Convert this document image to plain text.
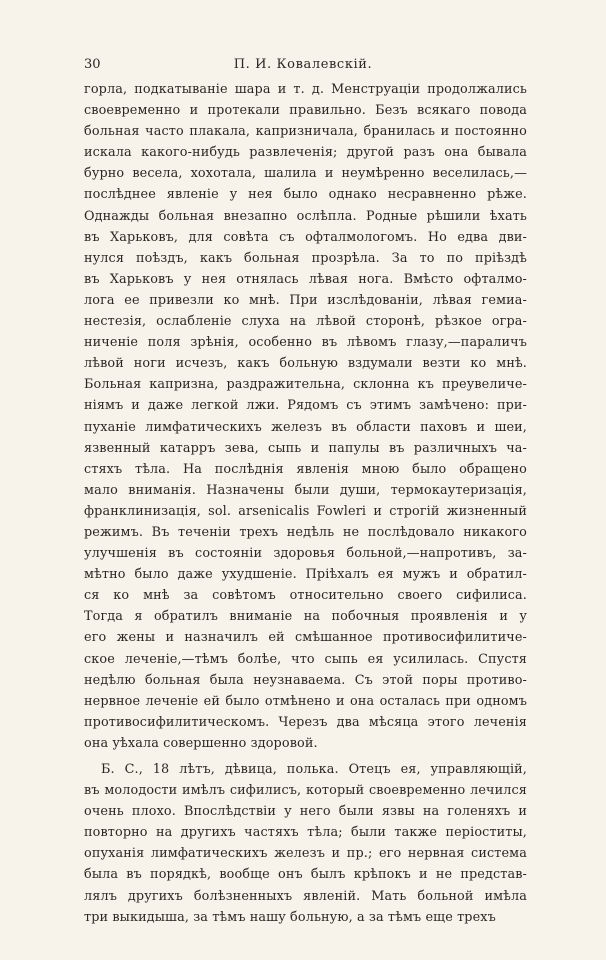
30	П. И. Ковалевскій.
горла, подкатываніе шара и т. д. Менструаціи продолжались
своевременно и протекали правильно. Безъ всякаго повода
больная часто плакала, капризничала, бранилась и постоянно
искала какого-нибудь развлеченія; другой разъ она бывала
бурно весела, хохотала, шалила и неумѣренно веселилась,—
послѣднее явленіе у нея было однако несравненно рѣже.
Однажды больная внезапно ослѣпла. Родные рѣшили ѣхать
въ Харьковъ, для совѣта съ офталмологомъ. Но едва дви-
нулся поѣздъ, какъ больная прозрѣла. За то по пріѣздѣ
въ Харьковъ у нея отнялась лѣвая нога. Вмѣсто офталмо-
лога ее привезли ко мнѣ. При изслѣдованіи, лѣвая гемиа-
нестезія, ослабленіе слуха на лѣвой сторонѣ, рѣзкое огра-
ниченіе поля зрѣнія, особенно въ лѣвомъ глазу,—параличъ
лѣвой ноги исчезъ, какъ больную вздумали везти ко мнѣ.
Больная капризна, раздражительна, склонна къ преувеличе-
ніямъ и даже легкой лжи. Рядомъ съ этимъ замѣчено: при-
пуханіе лимфатическихъ железъ въ области паховъ и шеи,
язвенный катарръ зева, сыпь и папулы въ различныхъ ча-
стяхъ тѣла. На послѣднія явленія мною было обращено
мало вниманія. Назначены были души, термокаутеризація,
франклинизація, sol. arsenicalis Fowleri и строгій жизненный
режимъ. Въ теченіи трехъ недѣль не послѣдовало никакого
улучшенія въ состояніи здоровья больной,—напротивъ, за-
мѣтно было даже ухудшеніе. Пріѣхалъ ея мужъ и обратил-
ся ко мнѣ за совѣтомъ относительно своего сифилиса.
Тогда я обратилъ вниманіе на побочныя проявленія и у
его жены и назначилъ ей смѣшанное противосифилитиче-
ское леченіе,—тѣмъ болѣе, что сыпь ея усилилась. Спустя
недѣлю больная была неузнаваема. Съ этой поры противо-
нервное леченіе ей было отмѣнено и она осталась при одномъ
противосифилитическомъ. Черезъ два мѣсяца этого леченія
она уѣхала совершенно здоровой.
Б. С., 18 лѣтъ, дѣвица, полька. Отецъ ея, управляющій,
въ молодости имѣлъ сифилисъ, который своевременно лечился
очень плохо. Впослѣдствіи у него были язвы на голеняхъ и
повторно на другихъ частяхъ тѣла; были также періоститы,
опуханія лимфатическихъ железъ и пр.; его нервная система
была въ порядкѣ, вообще онъ былъ крѣпокъ и не представ-
лялъ другихъ болѣзненныхъ явленій. Мать больной имѣла
три выкидыша, за тѣмъ нашу больную, а за тѣмъ еще трехъ
